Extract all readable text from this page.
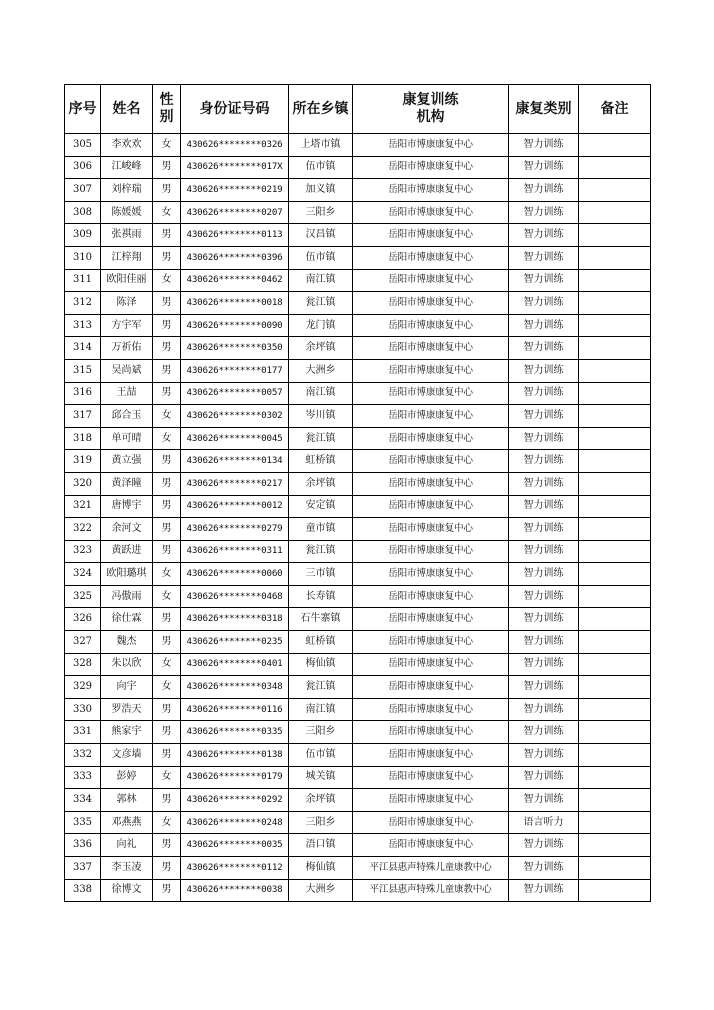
序号	姓名	性别	身份证号码	所在乡镇	康复训练机构	康复类别	备注
305	李欢欢	女	430626********0326	上塔市镇	岳阳市博康康复中心	智力训练	
306	江峻峰	男	430626********017X	伍市镇	岳阳市博康康复中心	智力训练	
307	刘梓瑞	男	430626********0219	加义镇	岳阳市博康康复中心	智力训练	
308	陈媛媛	女	430626********0207	三阳乡	岳阳市博康康复中心	智力训练	
309	张祺雨	男	430626********0113	汉昌镇	岳阳市博康康复中心	智力训练	
310	江梓翔	男	430626********0396	伍市镇	岳阳市博康康复中心	智力训练	
311	欧阳佳丽	女	430626********0462	南江镇	岳阳市博康康复中心	智力训练	
312	陈泽	男	430626********0018	瓮江镇	岳阳市博康康复中心	智力训练	
313	方宇军	男	430626********0090	龙门镇	岳阳市博康康复中心	智力训练	
314	万祈佑	男	430626********0350	余坪镇	岳阳市博康康复中心	智力训练	
315	吴尚斌	男	430626********0177	大洲乡	岳阳市博康康复中心	智力训练	
316	王喆	男	430626********0057	南江镇	岳阳市博康康复中心	智力训练	
317	邱合玉	女	430626********0302	岑川镇	岳阳市博康康复中心	智力训练	
318	单可晴	女	430626********0045	瓮江镇	岳阳市博康康复中心	智力训练	
319	黄立强	男	430626********0134	虹桥镇	岳阳市博康康复中心	智力训练	
320	黄泽瞳	男	430626********0217	余坪镇	岳阳市博康康复中心	智力训练	
321	唐博宇	男	430626********0012	安定镇	岳阳市博康康复中心	智力训练	
322	余河文	男	430626********0279	童市镇	岳阳市博康康复中心	智力训练	
323	黄跃进	男	430626********0311	瓮江镇	岳阳市博康康复中心	智力训练	
324	欧阳璐琪	女	430626********0060	三市镇	岳阳市博康康复中心	智力训练	
325	冯傲雨	女	430626********0468	长寿镇	岳阳市博康康复中心	智力训练	
326	徐仕霖	男	430626********0318	石牛寨镇	岳阳市博康康复中心	智力训练	
327	魏杰	男	430626********0235	虹桥镇	岳阳市博康康复中心	智力训练	
328	朱以欣	女	430626********0401	梅仙镇	岳阳市博康康复中心	智力训练	
329	向宇	女	430626********0348	瓮江镇	岳阳市博康康复中心	智力训练	
330	罗浩天	男	430626********0116	南江镇	岳阳市博康康复中心	智力训练	
331	熊家宇	男	430626********0335	三阳乡	岳阳市博康康复中心	智力训练	
332	文彦墙	男	430626********0138	伍市镇	岳阳市博康康复中心	智力训练	
333	彭婷	女	430626********0179	城关镇	岳阳市博康康复中心	智力训练	
334	郭林	男	430626********0292	余坪镇	岳阳市博康康复中心	智力训练	
335	邓燕燕	女	430626********0248	三阳乡	岳阳市博康康复中心	语言听力	
336	向礼	男	430626********0035	浯口镇	岳阳市博康康复中心	智力训练	
337	李玉凌	男	430626********0112	梅仙镇	平江县惠声特殊儿童康教中心	智力训练	
338	徐博文	男	430626********0038	大洲乡	平江县惠声特殊儿童康教中心	智力训练	
